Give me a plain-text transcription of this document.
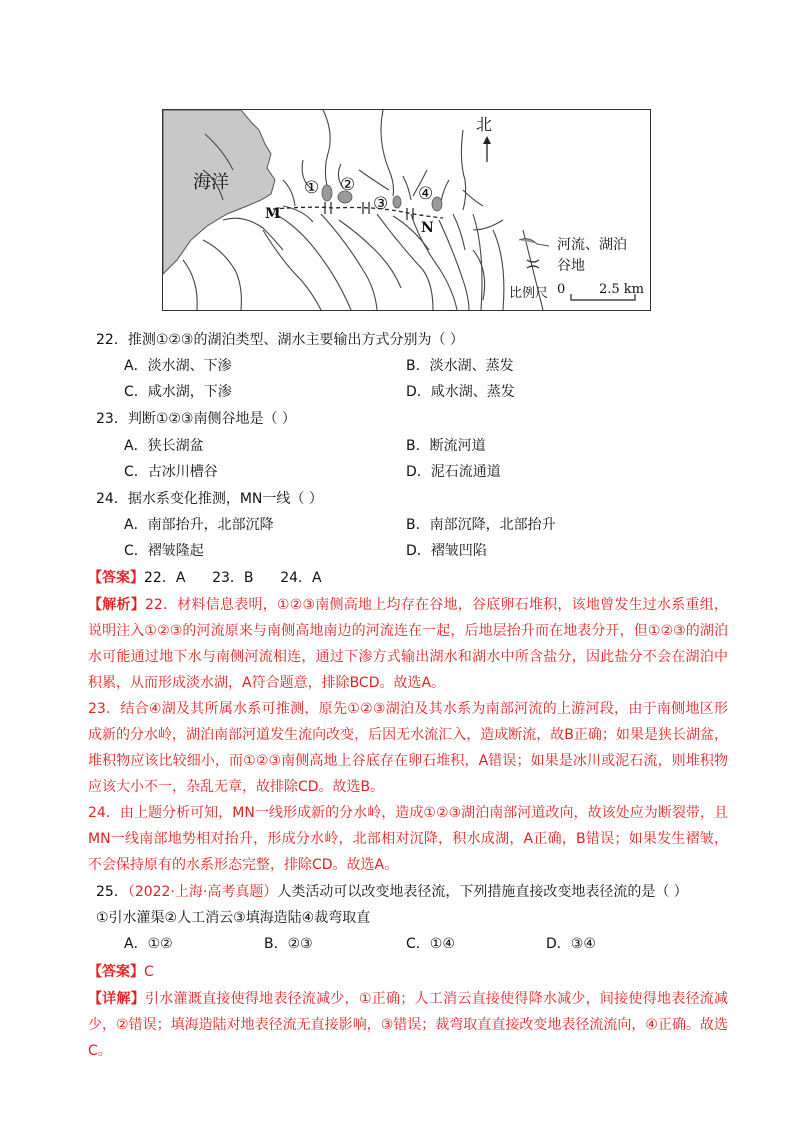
海洋
北
① ②
③ ④
M
N
河流、湖泊
谷地
比例尺 0	2.5 km
22．推测①②③的湖泊类型、湖水主要输出方式分别为（ ）
A．淡水湖、下渗	B．淡水湖、蒸发
C．咸水湖，下渗	D．咸水湖、蒸发
23．判断①②③南侧谷地是（ ）
A．狭长湖盆	B．断流河道
C．古冰川槽谷	D．泥石流通道
24．据水系变化推测，MN一线（ ）
A．南部抬升，北部沉降	B．南部沉降，北部抬升
C．褶皱隆起	D．褶皱凹陷
【答案】22．A      23．B      24．A

【解析】22．材料信息表明，①②③南侧高地上均存在谷地，谷底卵石堆积，该地曾发生过水系重组，说明注入①②③的河流原来与南侧高地南边的河流连在一起，后地层抬升而在地表分开，但①②③的湖泊水可能通过地下水与南侧河流相连，通过下渗方式输出湖水和湖水中所含盐分，因此盐分不会在湖泊中积累，从而形成淡水湖，A符合题意，排除BCD。故选A。

23．结合④湖及其所属水系可推测，原先①②③湖泊及其水系为南部河流的上游河段，由于南侧地区形成新的分水岭，湖泊南部河道发生流向改变，后因无水流汇入，造成断流，故B正确；如果是狭长湖盆，堆积物应该比较细小，而①②③南侧高地上谷底存在卵石堆积，A错误；如果是冰川或泥石流，则堆积物应该大小不一，杂乱无章，故排除CD。故选B。

24．由上题分析可知，MN一线形成新的分水岭，造成①②③湖泊南部河道改向，故该处应为断裂带，且MN一线南部地势相对抬升，形成分水岭，北部相对沉降，积水成湖，A正确，B错误；如果发生褶皱，不会保持原有的水系形态完整，排除CD。故选A。

25．（2022·上海·高考真题）人类活动可以改变地表径流，下列措施直接改变地表径流的是（ ）
①引水灌渠②人工消云③填海造陆④裁弯取直
A．①②	B．②③	C．①④	D．③④
【答案】C

【详解】引水灌溉直接使得地表径流减少，①正确；人工消云直接使得降水减少，间接使得地表径流减少，②错误；填海造陆对地表径流无直接影响，③错误；裁弯取直直接改变地表径流流向，④正确。故选C。
